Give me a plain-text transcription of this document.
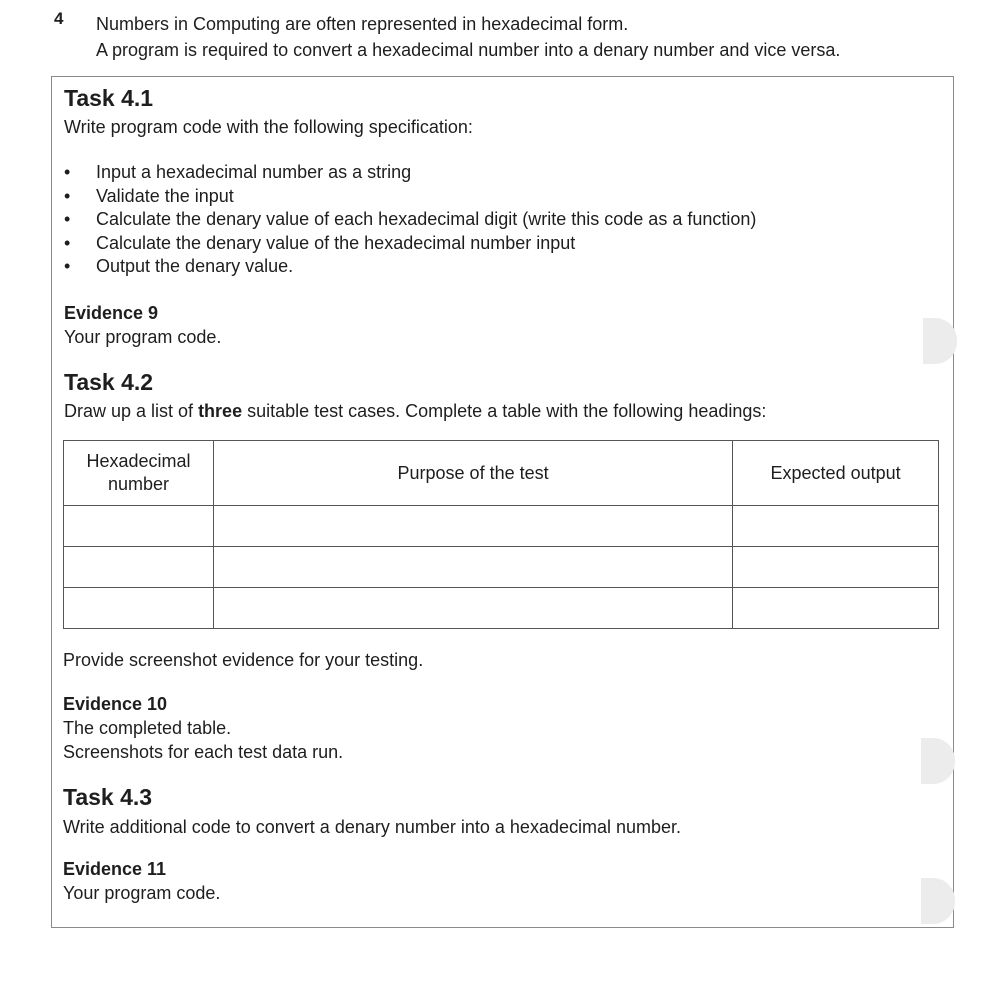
4 Numbers in Computing are often represented in hexadecimal form.
A program is required to convert a hexadecimal number into a denary number and vice versa.
Task 4.1
Write program code with the following specification:
• Input a hexadecimal number as a string
• Validate the input
• Calculate the denary value of each hexadecimal digit (write this code as a function)
• Calculate the denary value of the hexadecimal number input
• Output the denary value.
Evidence 9
Your program code.
Task 4.2
Draw up a list of three suitable test cases. Complete a table with the following headings:
Hexadecimal number	Purpose of the test	Expected output

Provide screenshot evidence for your testing.
Evidence 10
The completed table.
Screenshots for each test data run.
Task 4.3
Write additional code to convert a denary number into a hexadecimal number.
Evidence 11
Your program code.
